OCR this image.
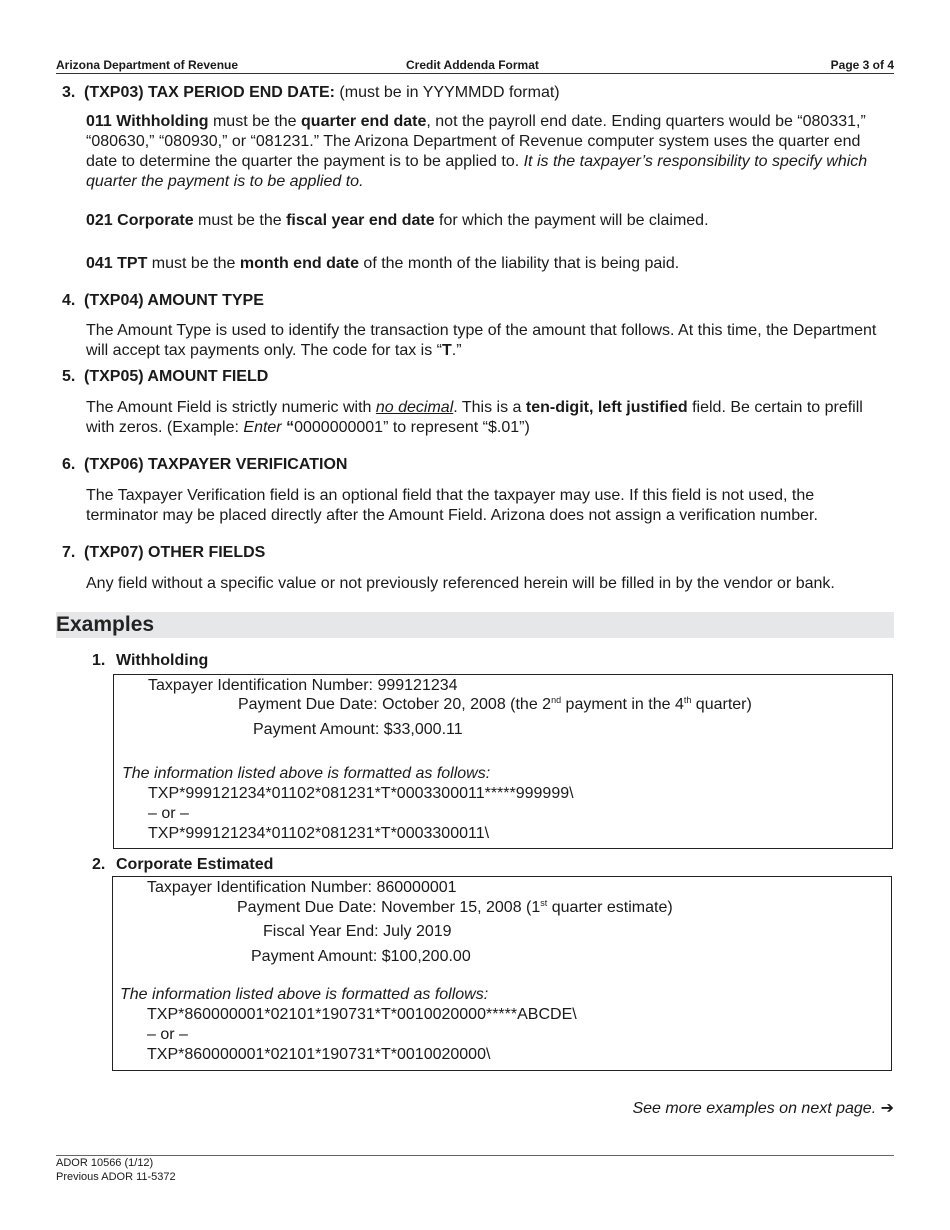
Arizona Department of Revenue	Credit Addenda Format	Page 3 of 4
3. (TXP03) TAX PERIOD END DATE: (must be in YYYMMDD format)
011 Withholding must be the quarter end date, not the payroll end date. Ending quarters would be “080331,” “080630,” “080930,” or “081231.” The Arizona Department of Revenue computer system uses the quarter end date to determine the quarter the payment is to be applied to. It is the taxpayer’s responsibility to specify which quarter the payment is to be applied to.
021 Corporate must be the fiscal year end date for which the payment will be claimed.
041 TPT must be the month end date of the month of the liability that is being paid.
4. (TXP04) AMOUNT TYPE
The Amount Type is used to identify the transaction type of the amount that follows. At this time, the Department will accept tax payments only. The code for tax is “T.”
5. (TXP05) AMOUNT FIELD
The Amount Field is strictly numeric with no decimal. This is a ten-digit, left justified field. Be certain to prefill with zeros. (Example: Enter “0000000001” to represent “$.01”)
6. (TXP06) TAXPAYER VERIFICATION
The Taxpayer Verification field is an optional field that the taxpayer may use. If this field is not used, the terminator may be placed directly after the Amount Field. Arizona does not assign a verification number.
7. (TXP07) OTHER FIELDS
Any field without a specific value or not previously referenced herein will be filled in by the vendor or bank.
Examples
1. Withholding
Taxpayer Identification Number: 999121234
Payment Due Date: October 20, 2008 (the 2nd payment in the 4th quarter)
Payment Amount: $33,000.11
The information listed above is formatted as follows:
TXP*999121234*01102*081231*T*0003300011*****999999\
– or –
TXP*999121234*01102*081231*T*0003300011\
2. Corporate Estimated
Taxpayer Identification Number: 860000001
Payment Due Date: November 15, 2008 (1st quarter estimate)
Fiscal Year End: July 2019
Payment Amount: $100,200.00
The information listed above is formatted as follows:
TXP*860000001*02101*190731*T*0010020000*****ABCDE\
– or –
TXP*860000001*02101*190731*T*0010020000\
See more examples on next page. ➔
ADOR 10566 (1/12)
Previous ADOR 11-5372
